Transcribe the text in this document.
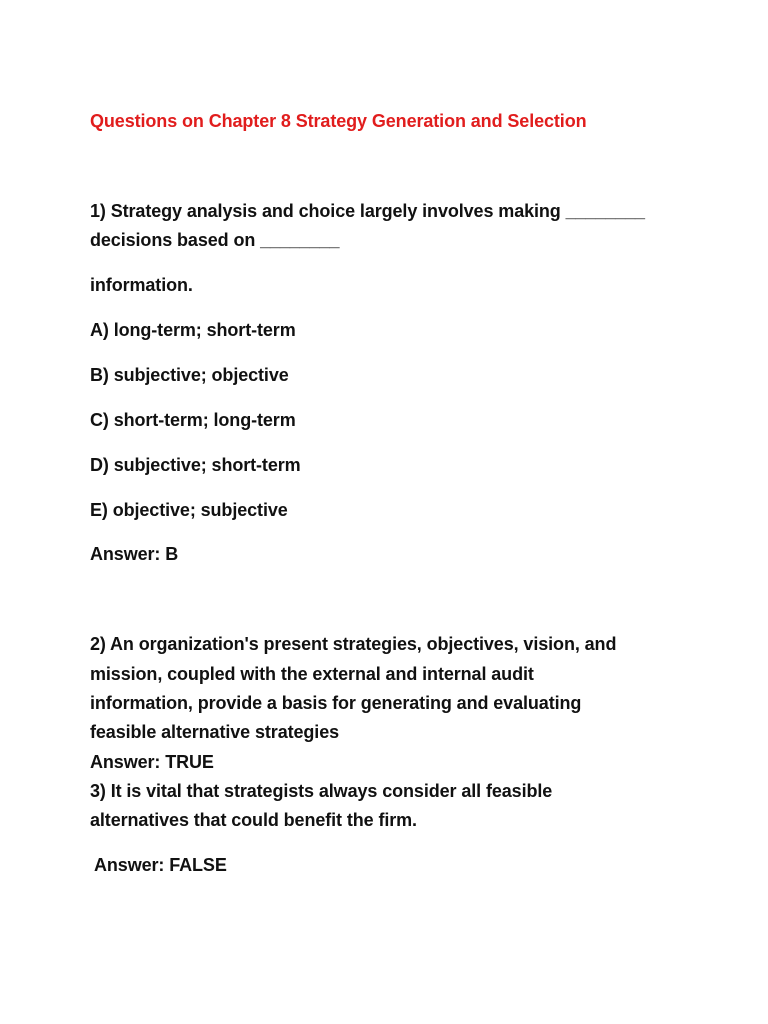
Questions on Chapter 8 Strategy Generation and Selection
1) Strategy analysis and choice largely involves making ________
decisions based on ________
information.
A) long-term; short-term
B) subjective; objective
C) short-term; long-term
D) subjective; short-term
E) objective; subjective
Answer: B
2) An organization's present strategies, objectives, vision, and
mission, coupled with the external and internal audit
information, provide a basis for generating and evaluating
feasible alternative strategies
Answer: TRUE
3) It is vital that strategists always consider all feasible
alternatives that could benefit the firm.
Answer: FALSE
